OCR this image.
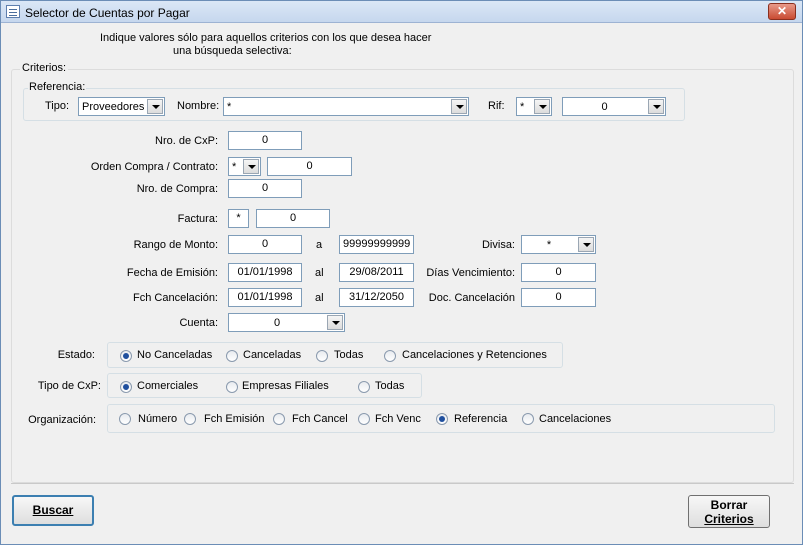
Selector de Cuentas por Pagar	✕
Indique valores sólo para aquellos criterios con los que desea hacer
una búsqueda selectiva:
Criterios:
Referencia:
Tipo: Proveedores	Nombre: *	Rif: *	0
Nro. de CxP:	0
Orden Compra / Contrato: *	0
Nro. de Compra:	0
Factura:	*	0
Rango de Monto:	0	a	99999999999	Divisa:	*
Fecha de Emisión:	01/01/1998	al	29/08/2011	Días Vencimiento:	0
Fch Cancelación:	01/01/1998	al	31/12/2050	Doc. Cancelación	0
Cuenta:	0
Estado:	No Canceladas	Canceladas	Todas	Cancelaciones y Retenciones
Tipo de CxP:	Comerciales	Empresas Filiales	Todas
Organización:	Número Fch Emisión Fch Cancel Fch Venc	Referencia	Cancelaciones
Buscar	Borrar
Criterios
